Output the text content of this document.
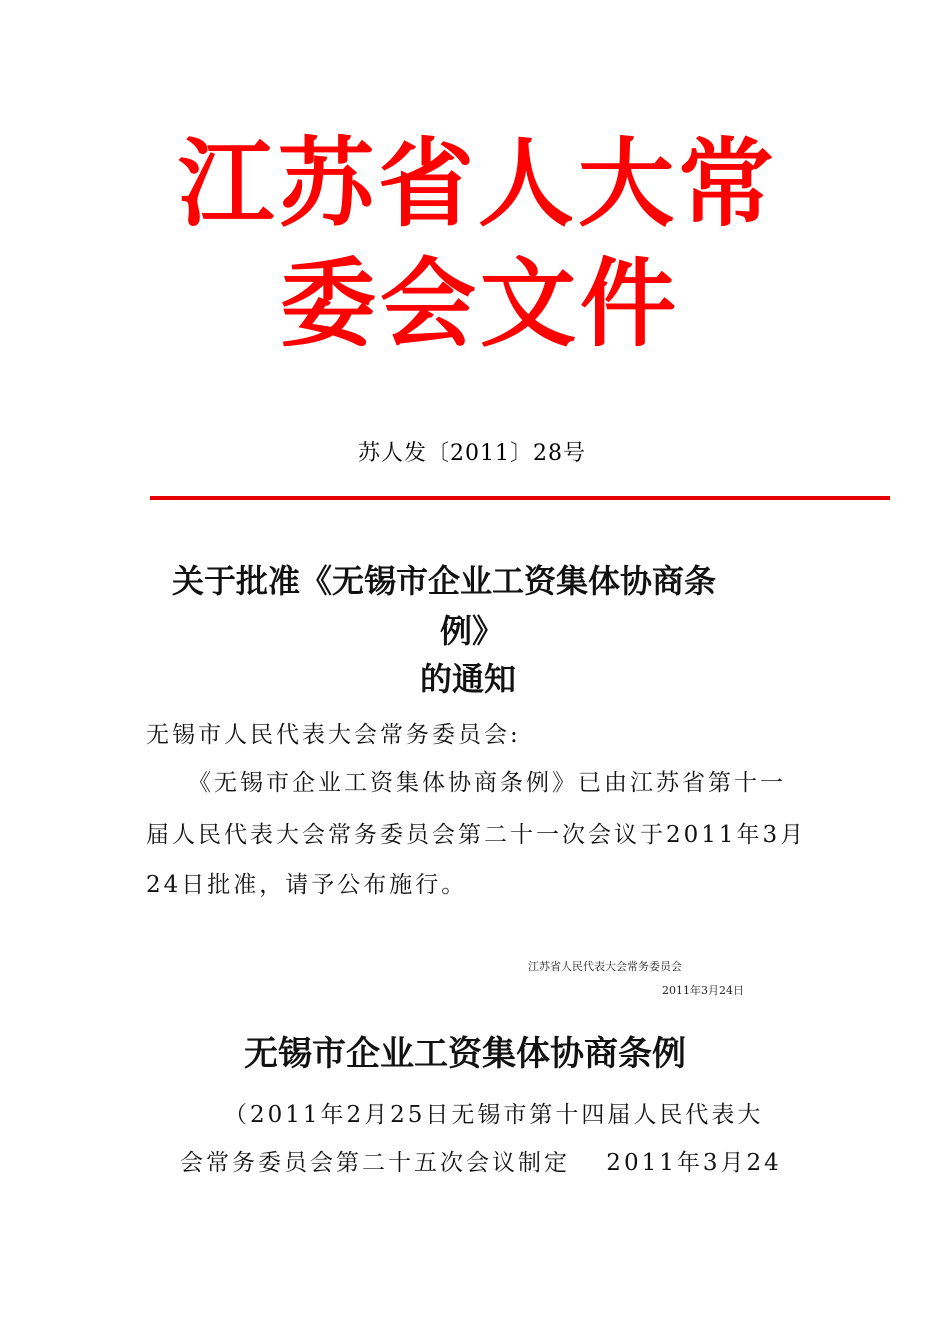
江苏省人大常
委会文件
苏人发〔2011〕28号
关于批准《无锡市企业工资集体协商条
例》
的通知
无锡市人民代表大会常务委员会:
《无锡市企业工资集体协商条例》已由江苏省第十一
届人民代表大会常务委员会第二十一次会议于2011年3月
24日批准，请予公布施行。
江苏省人民代表大会常务委员会
2011年3月24日
无锡市企业工资集体协商条例
（2011年2月25日无锡市第十四届人民代表大
会常务委员会第二十五次会议制定　 2011年3月24
